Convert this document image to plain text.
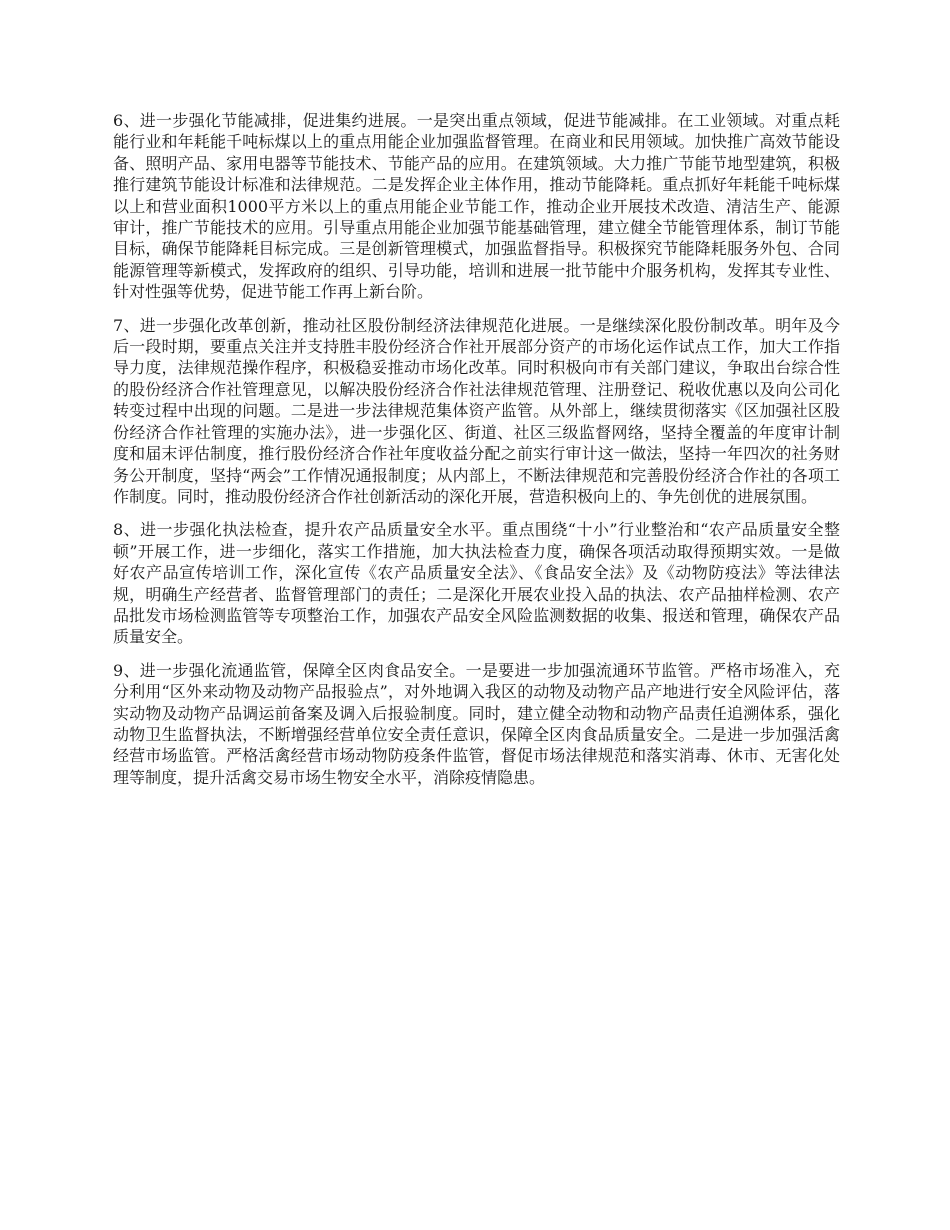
6、进一步强化节能减排，促进集约进展。一是突出重点领域，促进节能减排。在工业领域。对重点耗能行业和年耗能千吨标煤以上的重点用能企业加强监督管理。在商业和民用领域。加快推广高效节能设备、照明产品、家用电器等节能技术、节能产品的应用。在建筑领域。大力推广节能节地型建筑，积极推行建筑节能设计标准和法律规范。二是发挥企业主体作用，推动节能降耗。重点抓好年耗能千吨标煤以上和营业面积1000平方米以上的重点用能企业节能工作，推动企业开展技术改造、清洁生产、能源审计，推广节能技术的应用。引导重点用能企业加强节能基础管理，建立健全节能管理体系，制订节能目标，确保节能降耗目标完成。三是创新管理模式，加强监督指导。积极探究节能降耗服务外包、合同能源管理等新模式，发挥政府的组织、引导功能，培训和进展一批节能中介服务机构，发挥其专业性、针对性强等优势，促进节能工作再上新台阶。

7、进一步强化改革创新，推动社区股份制经济法律规范化进展。一是继续深化股份制改革。明年及今后一段时期，要重点关注并支持胜丰股份经济合作社开展部分资产的市场化运作试点工作，加大工作指导力度，法律规范操作程序，积极稳妥推动市场化改革。同时积极向市有关部门建议，争取出台综合性的股份经济合作社管理意见，以解决股份经济合作社法律规范管理、注册登记、税收优惠以及向公司化转变过程中出现的问题。二是进一步法律规范集体资产监管。从外部上，继续贯彻落实《区加强社区股份经济合作社管理的实施办法》，进一步强化区、街道、社区三级监督网络，坚持全覆盖的年度审计制度和届末评估制度，推行股份经济合作社年度收益分配之前实行审计这一做法，坚持一年四次的社务财务公开制度，坚持“两会”工作情况通报制度；从内部上，不断法律规范和完善股份经济合作社的各项工作制度。同时，推动股份经济合作社创新活动的深化开展，营造积极向上的、争先创优的进展氛围。

8、进一步强化执法检查，提升农产品质量安全水平。重点围绕“十小”行业整治和“农产品质量安全整顿”开展工作，进一步细化，落实工作措施，加大执法检查力度，确保各项活动取得预期实效。一是做好农产品宣传培训工作，深化宣传《农产品质量安全法》、《食品安全法》及《动物防疫法》等法律法规，明确生产经营者、监督管理部门的责任；二是深化开展农业投入品的执法、农产品抽样检测、农产品批发市场检测监管等专项整治工作，加强农产品安全风险监测数据的收集、报送和管理，确保农产品质量安全。

9、进一步强化流通监管，保障全区肉食品安全。一是要进一步加强流通环节监管。严格市场准入，充分利用“区外来动物及动物产品报验点”，对外地调入我区的动物及动物产品产地进行安全风险评估，落实动物及动物产品调运前备案及调入后报验制度。同时，建立健全动物和动物产品责任追溯体系，强化动物卫生监督执法，不断增强经营单位安全责任意识，保障全区肉食品质量安全。二是进一步加强活禽经营市场监管。严格活禽经营市场动物防疫条件监管，督促市场法律规范和落实消毒、休市、无害化处理等制度，提升活禽交易市场生物安全水平，消除疫情隐患。
